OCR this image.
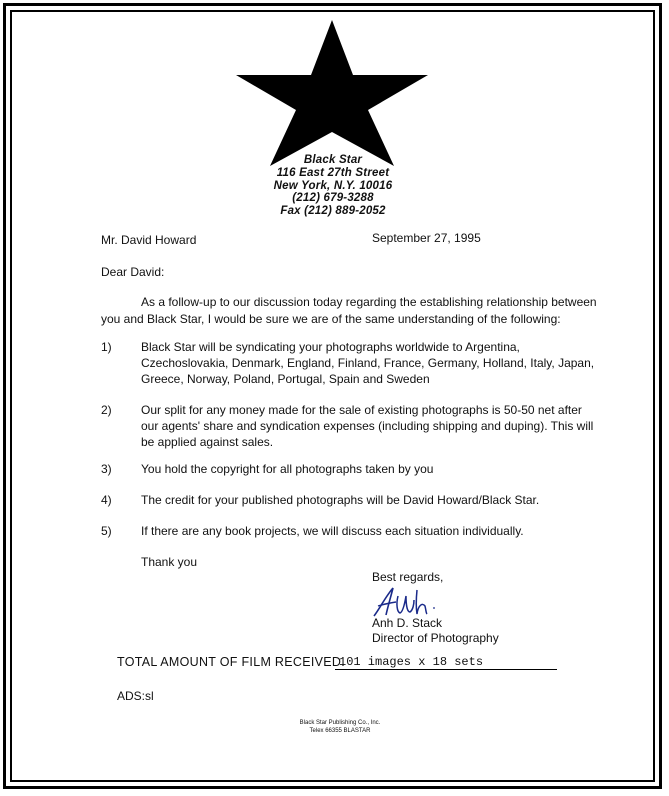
Black Star
116 East 27th Street
New York, N.Y. 10016
(212) 679-3288
Fax (212) 889-2052
Mr. David Howard	September 27, 1995
Dear David:
As a follow-up to our discussion today regarding the establishing relationship between
you and Black Star, I would be sure we are of the same understanding of the following:
1) Black Star will be syndicating your photographs worldwide to Argentina,
Czechoslovakia, Denmark, England, Finland, France, Germany, Holland, Italy, Japan,
Greece, Norway, Poland, Portugal, Spain and Sweden
2) Our split for any money made for the sale of existing photographs is 50-50 net after
our agents' share and syndication expenses (including shipping and duping). This will
be applied against sales.
3) You hold the copyright for all photographs taken by you
4) The credit for your published photographs will be David Howard/Black Star.
5) If there are any book projects, we will discuss each situation individually.
Thank you
Best regards,
Anh D. Stack
Director of Photography
TOTAL AMOUNT OF FILM RECEIVED.
101 images x 18 sets
ADS:sl
Black Star Publishing Co., Inc.
Telex 66355 BLASTAR
